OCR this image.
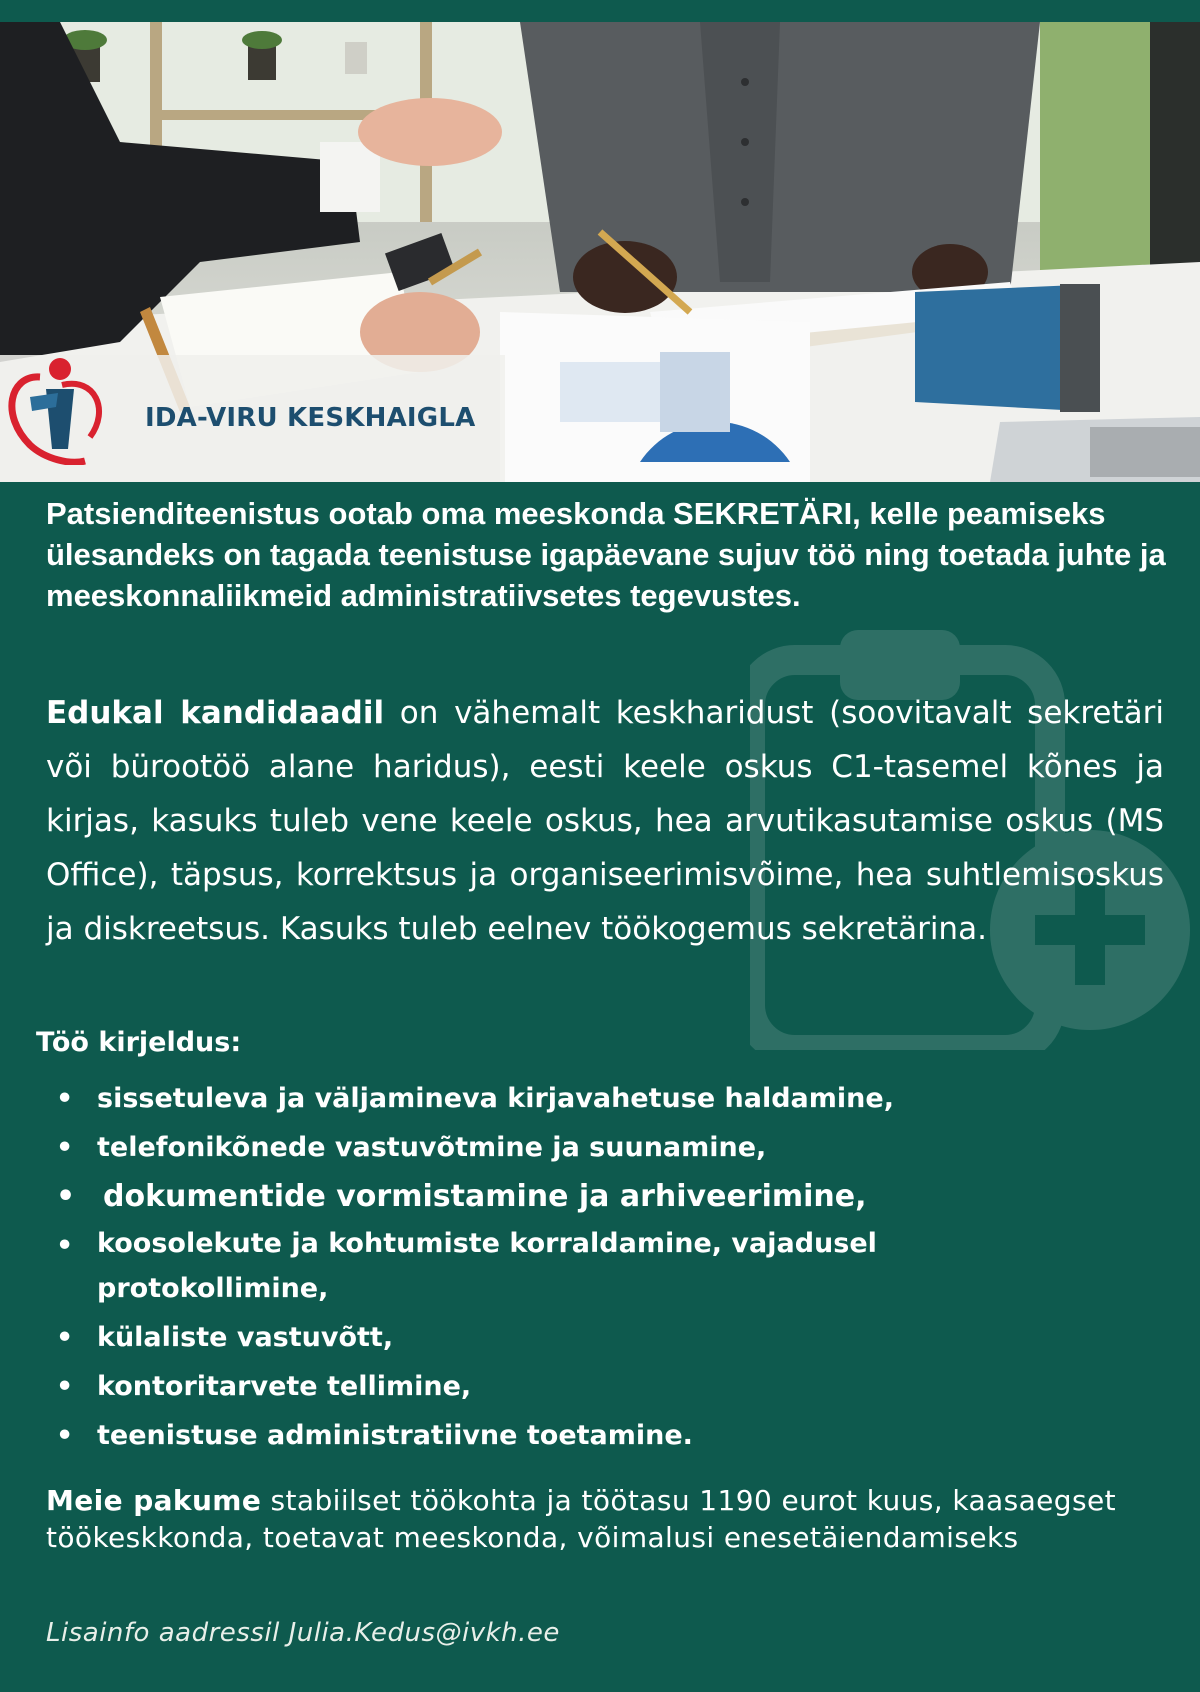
IDA-VIRU KESKHAIGLA

Patsienditeenistus ootab oma meeskonda SEKRETÄRI, kelle peamiseks ülesandeks on tagada teenistuse igapäevane sujuv töö ning toetada juhte ja meeskonnaliikmeid administratiivsetes tegevustes.

Edukal kandidaadil on vähemalt keskharidust (soovitavalt sekretäri või bürootöö alane haridus), eesti keele oskus C1-tasemel kõnes ja kirjas, kasuks tuleb vene keele oskus, hea arvutikasutamise oskus (MS Office), täpsus, korrektsus ja organiseerimisvõime, hea suhtlemisoskus ja diskreetsus. Kasuks tuleb eelnev töökogemus sekretärina.

Töö kirjeldus:

• sissetuleva ja väljamineva kirjavahetuse haldamine,
• telefonikõnede vastuvõtmine ja suunamine,
• dokumentide vormistamine ja arhiveerimine,
• koosolekute ja kohtumiste korraldamine, vajadusel protokollimine,
• külaliste vastuvõtt,
• kontoritarvete tellimine,
• teenistuse administratiivne toetamine.

Meie pakume stabiilset töökohta ja töötasu 1190 eurot kuus, kaasaegset töökeskkonda, toetavat meeskonda, võimalusi enesetäiendamiseks

Lisainfo aadressil Julia.Kedus@ivkh.ee
